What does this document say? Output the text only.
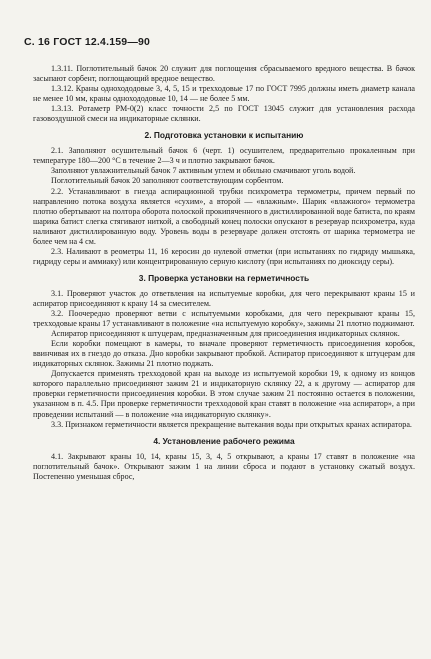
С. 16 ГОСТ 12.4.159—90

1.3.11. Поглотительный бачок 20 служит для поглощения сбрасываемого вредного вещества. В бачок засыпают сорбент, поглощающий вредное вещество.

1.3.12. Краны однохододовые 3, 4, 5, 15 и трехходовые 17 по ГОСТ 7995 должны иметь диаметр канала не менее 10 мм, краны однохододовые 10, 14 — не более 5 мм.

1.3.13. Ротаметр РМ-0(2) класс точности 2,5 по ГОСТ 13045 служит для установления расхода газовоздушной смеси на индикаторные склянки.

2. Подготовка установки к испытанию

2.1. Заполняют осушительный бачок 6 (черт. 1) осушителем, предварительно прокаленным при температуре 180—200 °С в течение 2—3 ч и плотно закрывают бачок.

Заполняют увлажнительный бачок 7 активным углем и обильно смачивают уголь водой.

Поглотительный бачок 20 заполняют соответствующим сорбентом.

2.2. Устанавливают в гнезда аспирационной трубки психрометра термометры, причем первый по направлению потока воздуха является «сухим», а второй — «влажным». Шарик «влажного» термометра плотно обертывают на полтора оборота полоской прокипяченного в дистиллированной воде батиста, по краям шарика батист слегка стягивают ниткой, а свободный конец полоски опускают в резервуар психрометра, куда наливают дистиллированную воду. Уровень воды в резервуаре должен отстоять от шарика термометра не более чем на 4 см.

2.3. Наливают в реометры 11, 16 керосин до нулевой отметки (при испытаниях по гидриду мышьяка, гидриду серы и аммиаку) или концентрированную серную кислоту (при испытаниях по диоксиду серы).

3. Проверка установки на герметичность

3.1. Проверяют участок до ответвления на испытуемые коробки, для чего перекрывают краны 15 и аспиратор присоединяют к крану 14 за смесителем.

3.2. Поочередно проверяют ветви с испытуемыми коробками, для чего перекрывают краны 15, трехходовые краны 17 устанавливают в положение «на испытуемую коробку», зажимы 21 плотно поджимают.

Аспиратор присоединяют к штуцерам, предназначенным для присоединения индикаторных склянок.

Если коробки помещают в камеры, то вначале проверяют герметичность присоединения коробок, ввинчивая их в гнездо до отказа. Дно коробки закрывают пробкой. Аспиратор присоединяют к штуцерам для индикаторных склянок. Зажимы 21 плотно поджать.

Допускается применять трехходовой кран на выходе из испытуемой коробки 19, к одному из концов которого параллельно присоединяют зажим 21 и индикаторную склянку 22, а к другому — аспиратор для проверки герметичности присоединения коробки. В этом случае зажим 21 постоянно остается в положении, указанном в п. 4.5. При проверке герметичности трехходовой кран ставят в положение «на аспиратор», а при проведении испытаний — в положение «на индикаторную склянку».

3.3. Признаком герметичности является прекращение вытекания воды при открытых кранах аспиратора.

4. Установление рабочего режима

4.1. Закрывают краны 10, 14, краны 15, 3, 4, 5 открывают, а краны 17 ставят в положение «на поглотительный бачок». Открывают зажим 1 на линии сброса и подают в установку сжатый воздух. Постепенно уменьшая сброс,
